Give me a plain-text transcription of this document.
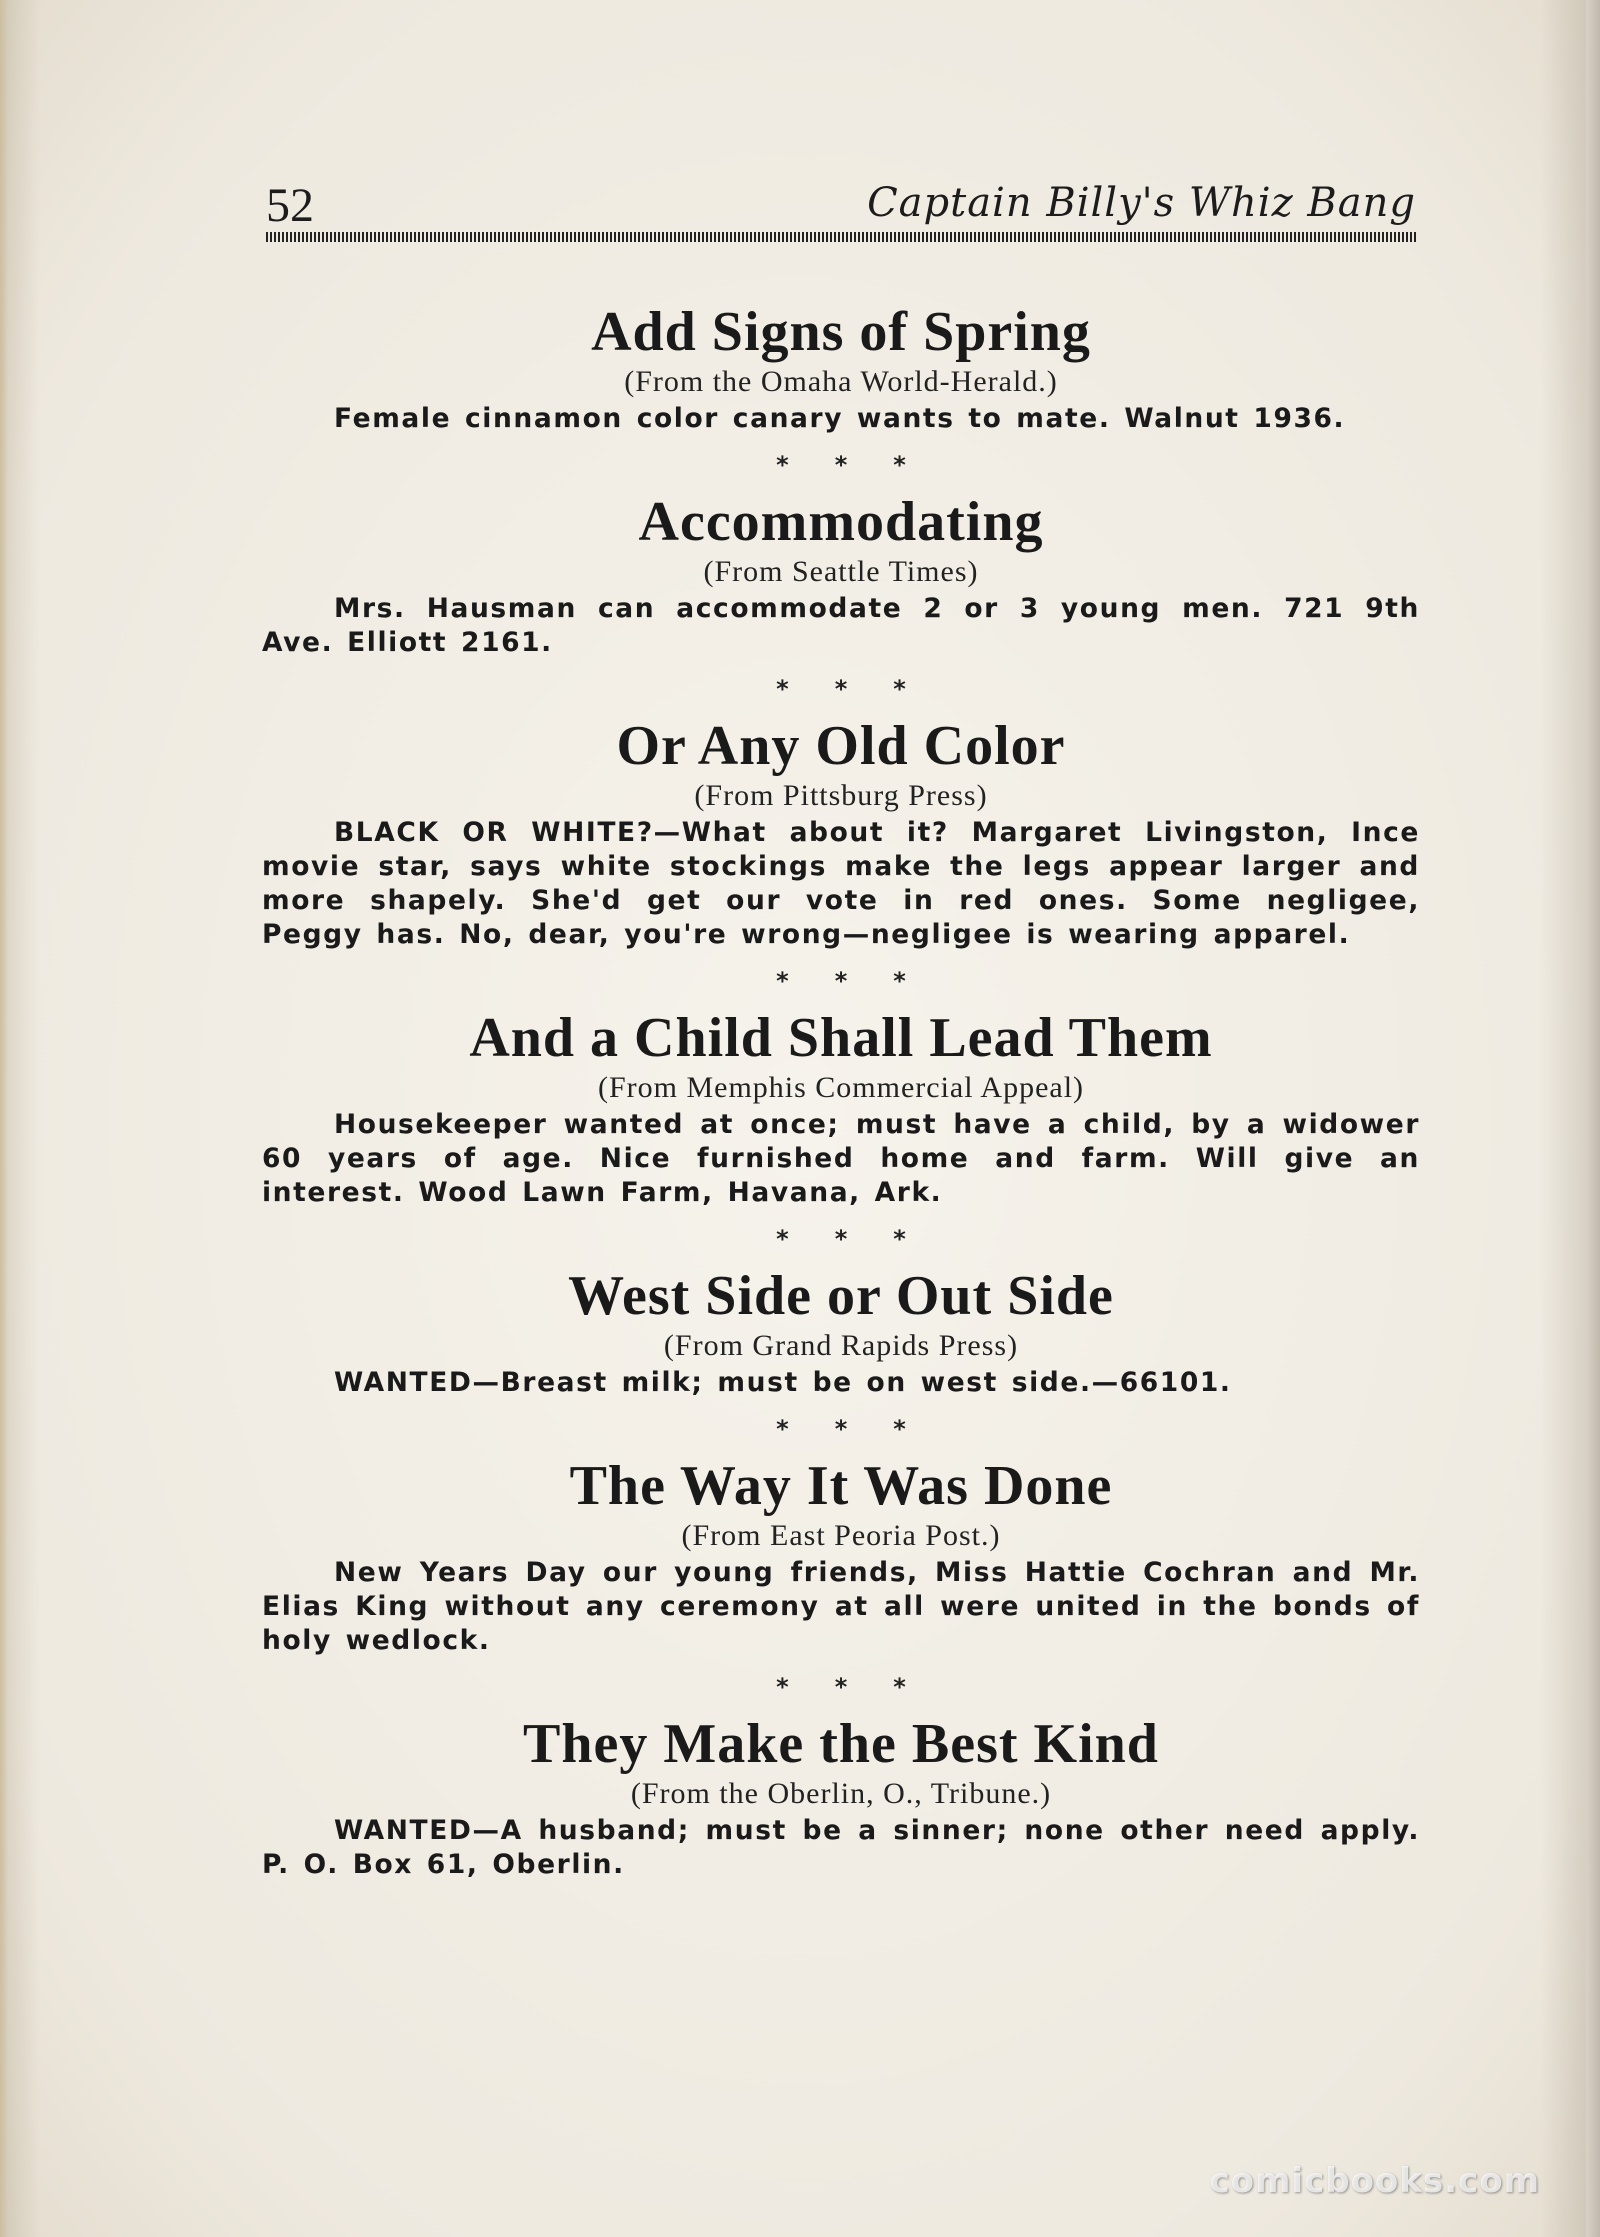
52	Captain Billy's Whiz Bang
Add Signs of Spring
(From the Omaha World-Herald.)

Female cinnamon color canary wants to mate. Walnut 1936.

***
Accommodating
(From Seattle Times)

Mrs. Hausman can accommodate 2 or 3 young men. 721 9th Ave. Elliott 2161.

***
Or Any Old Color
(From Pittsburg Press)

BLACK OR WHITE?—What about it? Margaret Livingston, Ince movie star, says white stockings make the legs appear larger and more shapely. She'd get our vote in red ones. Some negligee, Peggy has. No, dear, you're wrong—negligee is wearing apparel.

***
And a Child Shall Lead Them
(From Memphis Commercial Appeal)

Housekeeper wanted at once; must have a child, by a widower 60 years of age. Nice furnished home and farm. Will give an interest. Wood Lawn Farm, Havana, Ark.

***
West Side or Out Side
(From Grand Rapids Press)

WANTED—Breast milk; must be on west side.—66101.

***
The Way It Was Done
(From East Peoria Post.)

New Years Day our young friends, Miss Hattie Cochran and Mr. Elias King without any ceremony at all were united in the bonds of holy wedlock.

***
They Make the Best Kind
(From the Oberlin, O., Tribune.)

WANTED—A husband; must be a sinner; none other need apply. P. O. Box 61, Oberlin.

comicbooks.com
